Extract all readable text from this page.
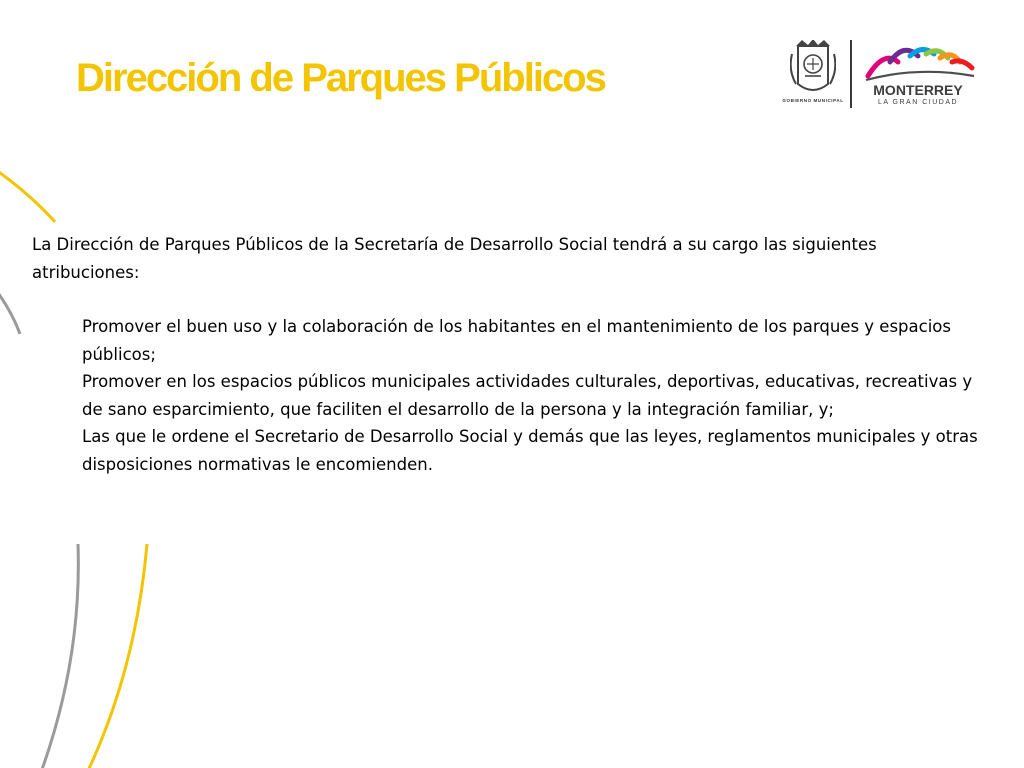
Dirección de Parques Públicos
GOBIERNO MUNICIPAL
MONTERREY
LA GRAN CIUDAD

La Dirección de Parques Públicos de la Secretaría de Desarrollo Social tendrá a su cargo las siguientes atribuciones:

Promover el buen uso y la colaboración de los habitantes en el mantenimiento de los parques y espacios públicos;
Promover en los espacios públicos municipales actividades culturales, deportivas, educativas, recreativas y de sano esparcimiento, que faciliten el desarrollo de la persona y la integración familiar, y;
Las que le ordene el Secretario de Desarrollo Social y demás que las leyes, reglamentos municipales y otras disposiciones normativas le encomienden.
